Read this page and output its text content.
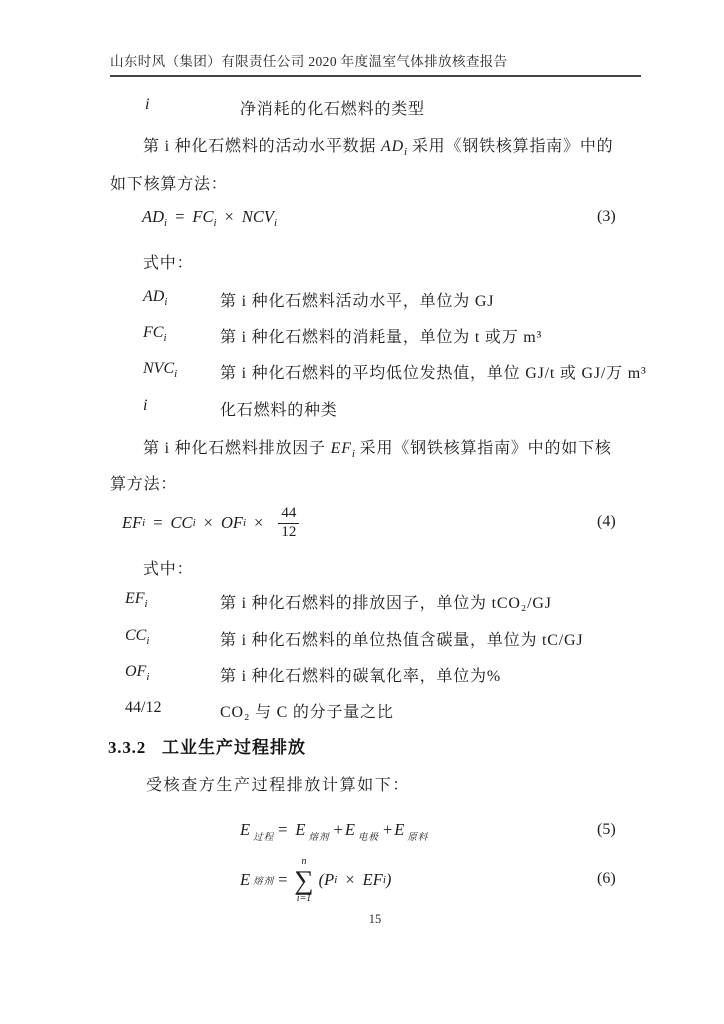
山东时风（集团）有限责任公司 2020 年度温室气体排放核查报告
i	净消耗的化石燃料的类型
第 i 种化石燃料的活动水平数据 $AD_i$ 采用《钢铁核算指南》中的
如下核算方法：
$AD_i = FC_i \times NCV_i$	(3)
式中：
$AD_i$	第 i 种化石燃料活动水平，单位为 GJ
$FC_i$	第 i 种化石燃料的消耗量，单位为 t 或万 m³
$NVC_i$	第 i 种化石燃料的平均低位发热值，单位 GJ/t 或 GJ/万 m³
i	化石燃料的种类
第 i 种化石燃料排放因子 $EF_i$ 采用《钢铁核算指南》中的如下核
算方法：
EF i = CC i × OF $i \times \frac{44}{12}$	(4)
式中：
$EF_i$	第 i 种化石燃料的排放因子，单位为 tCO₂/GJ
$CC_i$	第 i 种化石燃料的单位热值含碳量，单位为 tC/GJ
$OF_i$	第 i 种化石燃料的碳氧化率，单位为%
44/12	CO₂ 与 C 的分子量之比
3.3.2 工业生产过程排放
受核查方生产过程排放计算如下：
E $_{过程}$ = E $_{熔剂}$ + E $_{电极}$ + E $_{原料}$	(5)
E 熔剂 =
n
∑
i=1
( P i × EF i )	(6)
15
